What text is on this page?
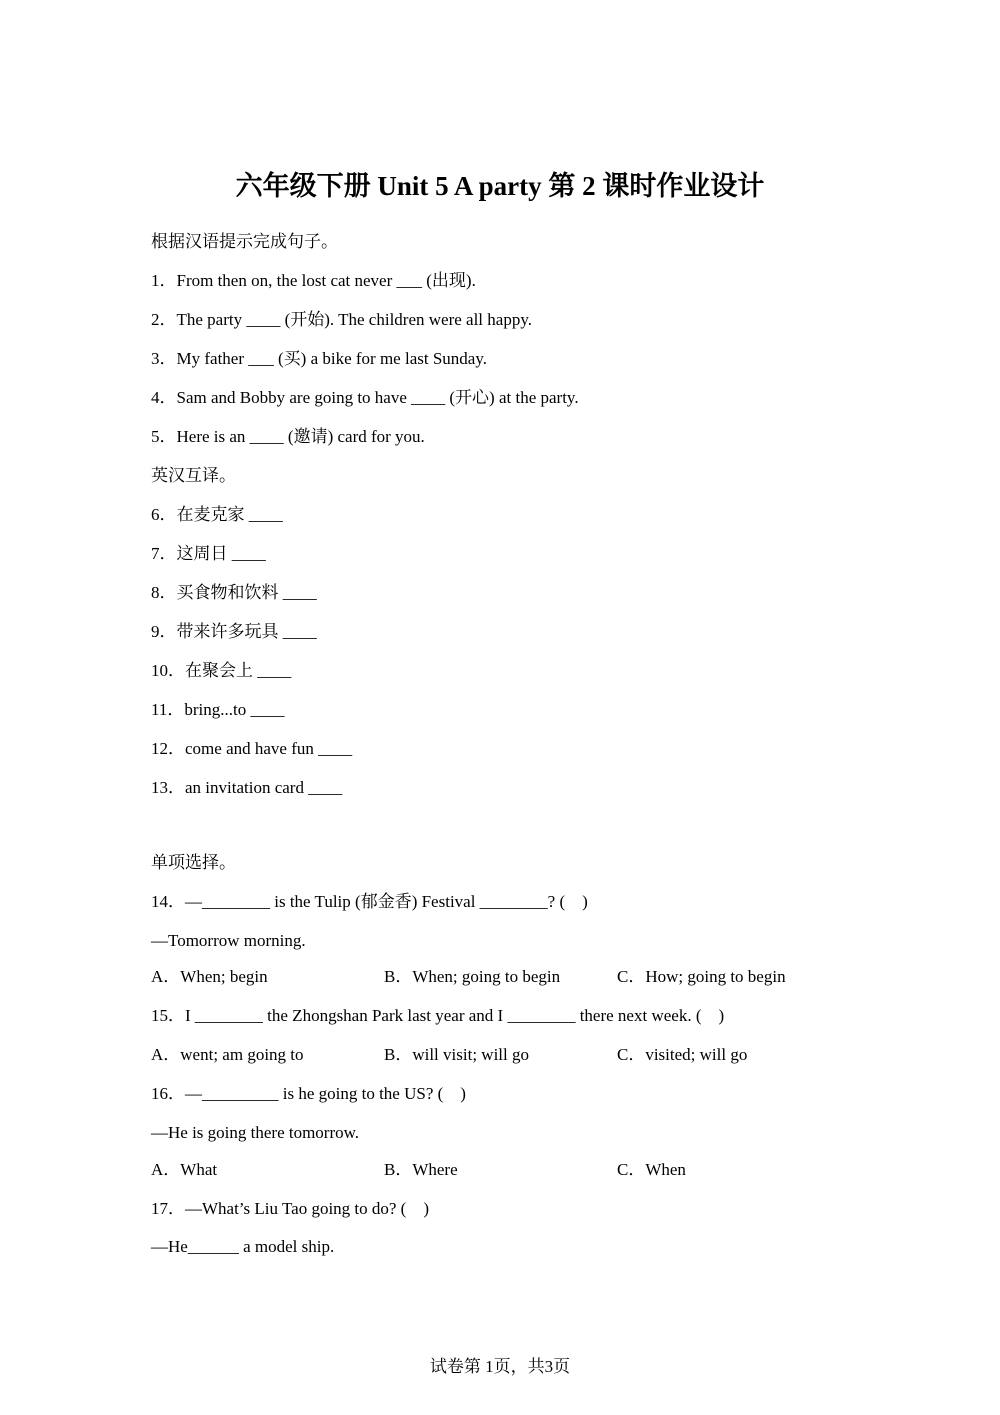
六年级下册 Unit 5 A party 第 2 课时作业设计
根据汉语提示完成句子。
1．From then on, the lost cat never ___ (出现).
2．The party ____ (开始). The children were all happy.
3．My father ___ (买) a bike for me last Sunday.
4．Sam and Bobby are going to have ____ (开心) at the party.
5．Here is an ____ (邀请) card for you.
英汉互译。
6．在麦克家 ____
7．这周日 ____
8．买食物和饮料 ____
9．带来许多玩具 ____
10．在聚会上 ____
11．bring...to ____
12．come and have fun ____
13．an invitation card ____
单项选择。
14．—________ is the Tulip (郁金香) Festival ________? (    )
—Tomorrow morning.
A．When; begin	B．When; going to begin	C．How; going to begin
15．I ________ the Zhongshan Park last year and I ________ there next week. (    )
A．went; am going to	B．will visit; will go	C．visited; will go
16．—_________ is he going to the US? (    )
—He is going there tomorrow.
A．What	B．Where	C．When
17．—What’s Liu Tao going to do? (    )
—He______ a model ship.
试卷第 1页，共3页
